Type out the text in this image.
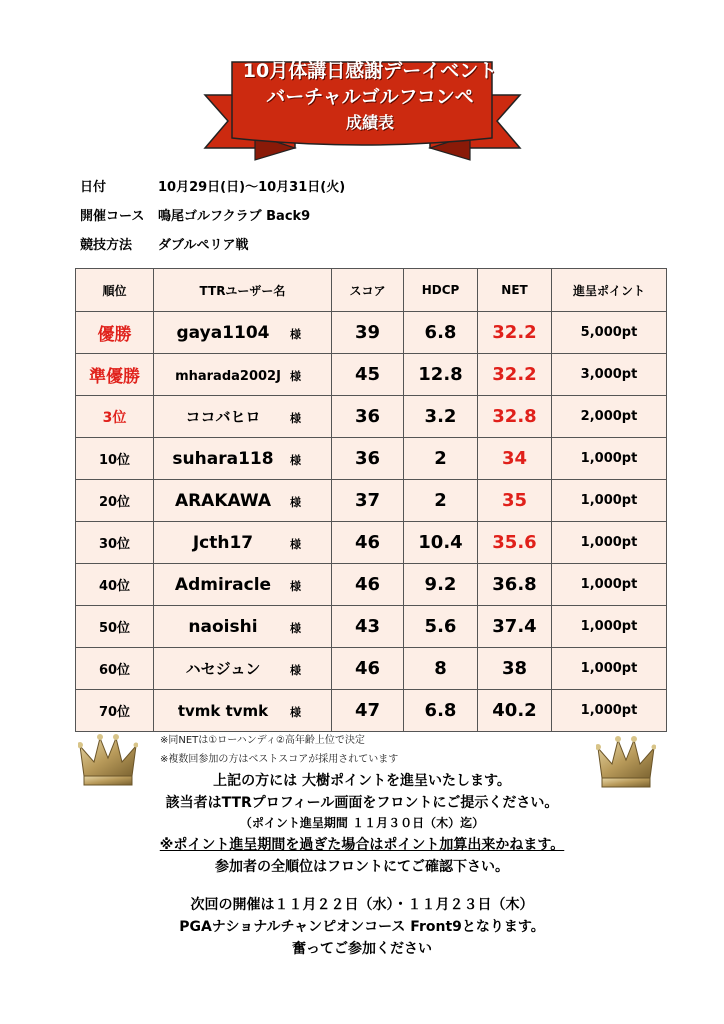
10月体講日感謝デーイベント
バーチャルゴルフコンペ
成績表
日付	10月29日(日)〜10月31日(火)
開催コース 鳴尾ゴルフクラブ Back9
競技方法 ダブルペリア戦
順位	TTRユーザー名	スコア	HDCP	NET	進呈ポイント
優勝	gaya1104 様	39	6.8	32.2	5,000pt
準優勝	mharada2002J 様	45	12.8	32.2	3,000pt
3位	ココバヒロ 様	36	3.2	32.8	2,000pt
10位	suhara118 様	36	2	34	1,000pt
20位	ARAKAWA 様	37	2	35	1,000pt
30位	Jcth17 様	46	10.4	35.6	1,000pt
40位	Admiracle 様	46	9.2	36.8	1,000pt
50位	naoishi 様	43	5.6	37.4	1,000pt
60位	ハセジュン 様	46	8	38	1,000pt
70位	tvmk tvmk 様	47	6.8	40.2	1,000pt
※同NETは①ローハンディ②高年齢上位で決定
※複数回参加の方はベストスコアが採用されています
上記の方には 大樹ポイントを進呈いたします。
該当者はTTRプロフィール画面をフロントにご提示ください。
（ポイント進呈期間 １１月３０日（木）迄）
※ポイント進呈期間を過ぎた場合はポイント加算出来かねます。
参加者の全順位はフロントにてご確認下さい。
次回の開催は１１月２２日（水）・１１月２３日（木）
PGAナショナルチャンピオンコース Front9となります。
奮ってご参加ください
